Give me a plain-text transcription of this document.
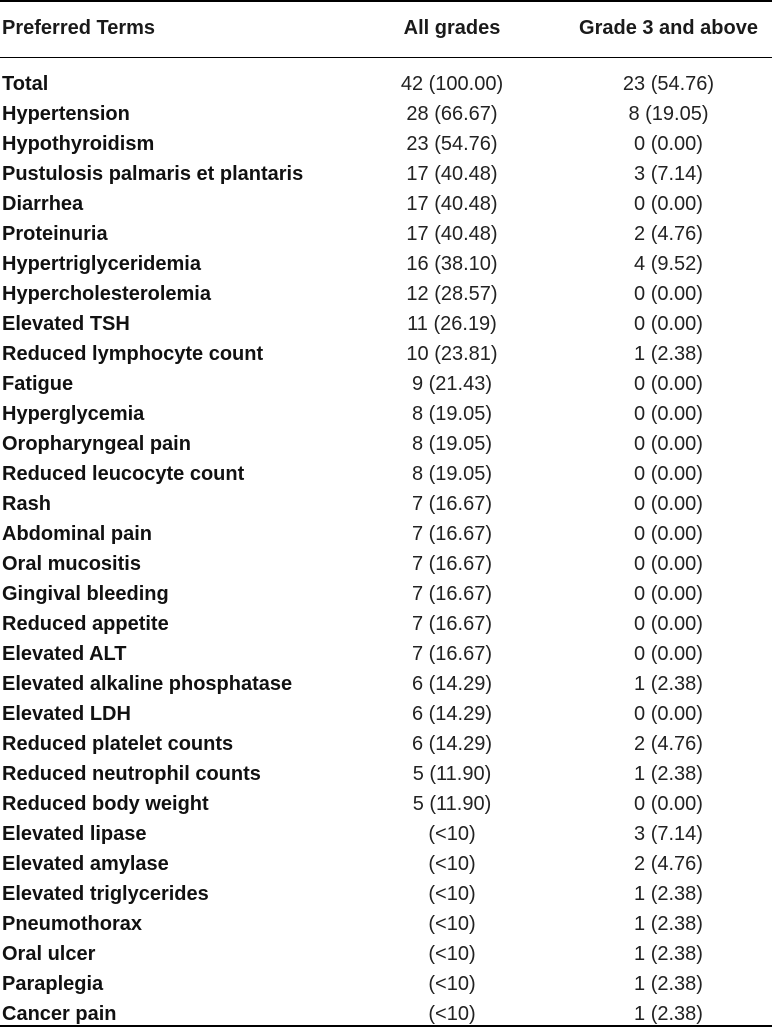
Preferred Terms	All grades	Grade 3 and above
Total	42 (100.00)	23 (54.76)
Hypertension	28 (66.67)	8 (19.05)
Hypothyroidism	23 (54.76)	0 (0.00)
Pustulosis palmaris et plantaris	17 (40.48)	3 (7.14)
Diarrhea	17 (40.48)	0 (0.00)
Proteinuria	17 (40.48)	2 (4.76)
Hypertriglyceridemia	16 (38.10)	4 (9.52)
Hypercholesterolemia	12 (28.57)	0 (0.00)
Elevated TSH	11 (26.19)	0 (0.00)
Reduced lymphocyte count	10 (23.81)	1 (2.38)
Fatigue	9 (21.43)	0 (0.00)
Hyperglycemia	8 (19.05)	0 (0.00)
Oropharyngeal pain	8 (19.05)	0 (0.00)
Reduced leucocyte count	8 (19.05)	0 (0.00)
Rash	7 (16.67)	0 (0.00)
Abdominal pain	7 (16.67)	0 (0.00)
Oral mucositis	7 (16.67)	0 (0.00)
Gingival bleeding	7 (16.67)	0 (0.00)
Reduced appetite	7 (16.67)	0 (0.00)
Elevated ALT	7 (16.67)	0 (0.00)
Elevated alkaline phosphatase	6 (14.29)	1 (2.38)
Elevated LDH	6 (14.29)	0 (0.00)
Reduced platelet counts	6 (14.29)	2 (4.76)
Reduced neutrophil counts	5 (11.90)	1 (2.38)
Reduced body weight	5 (11.90)	0 (0.00)
Elevated lipase	(<10)	3 (7.14)
Elevated amylase	(<10)	2 (4.76)
Elevated triglycerides	(<10)	1 (2.38)
Pneumothorax	(<10)	1 (2.38)
Oral ulcer	(<10)	1 (2.38)
Paraplegia	(<10)	1 (2.38)
Cancer pain	(<10)	1 (2.38)
